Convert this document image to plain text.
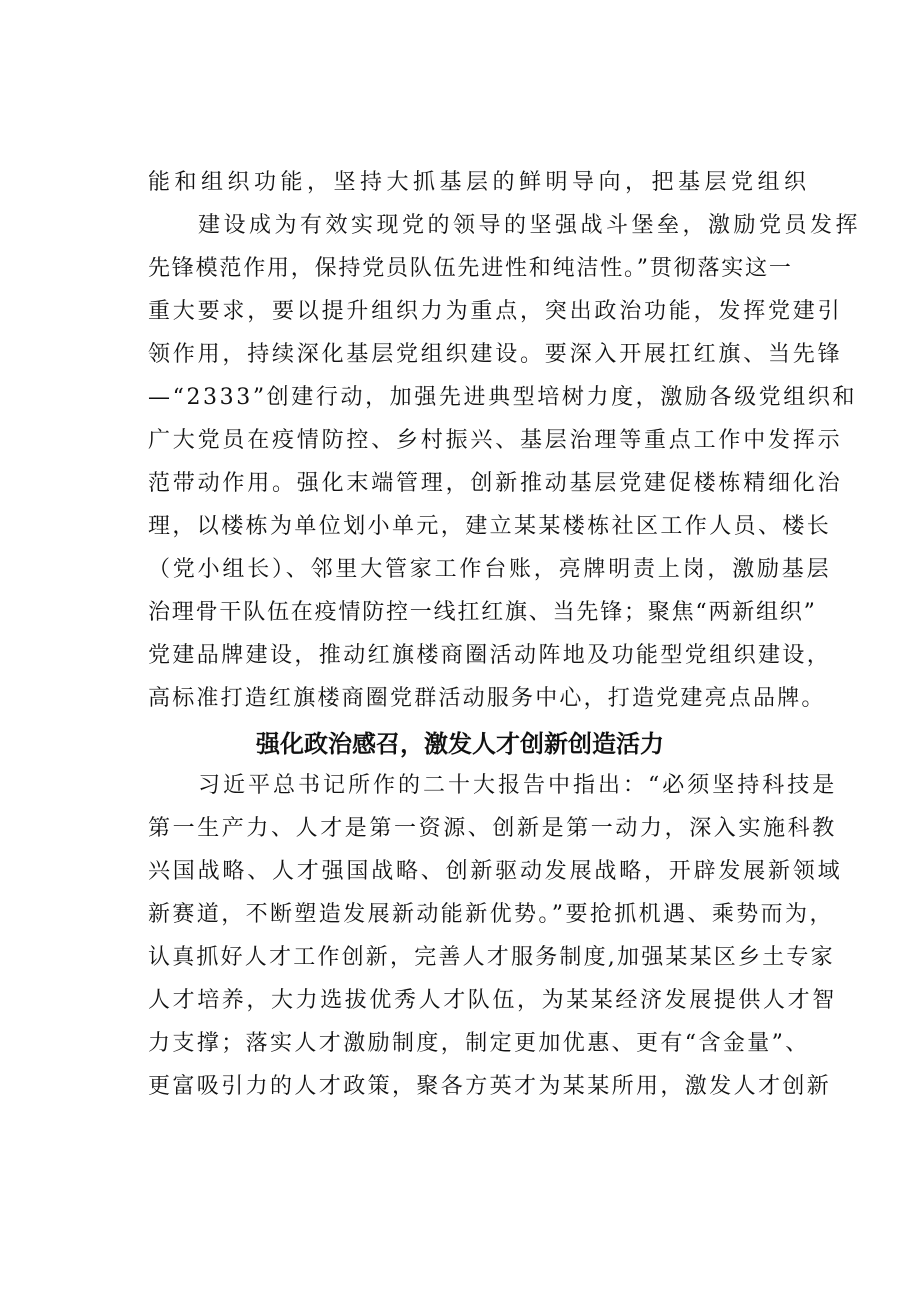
能和组织功能，坚持大抓基层的鲜明导向，把基层党组织
建设成为有效实现党的领导的坚强战斗堡垒，激励党员发挥
先锋模范作用，保持党员队伍先进性和纯洁性。”贯彻落实这一
重大要求，要以提升组织力为重点，突出政治功能，发挥党建引
领作用，持续深化基层党组织建设。要深入开展扛红旗、当先锋
—“2333”创建行动，加强先进典型培树力度，激励各级党组织和
广大党员在疫情防控、乡村振兴、基层治理等重点工作中发挥示
范带动作用。强化末端管理，创新推动基层党建促楼栋精细化治
理，以楼栋为单位划小单元，建立某某楼栋社区工作人员、楼长
（党小组长）、邻里大管家工作台账，亮牌明责上岗，激励基层
治理骨干队伍在疫情防控一线扛红旗、当先锋；聚焦“两新组织”
党建品牌建设，推动红旗楼商圈活动阵地及功能型党组织建设，
高标准打造红旗楼商圈党群活动服务中心，打造党建亮点品牌。
强化政治感召，激发人才创新创造活力
习近平总书记所作的二十大报告中指出：“必须坚持科技是
第一生产力、人才是第一资源、创新是第一动力，深入实施科教
兴国战略、人才强国战略、创新驱动发展战略，开辟发展新领域
新赛道，不断塑造发展新动能新优势。”要抢抓机遇、乘势而为，
认真抓好人才工作创新，完善人才服务制度,加强某某区乡土专家
人才培养，大力选拔优秀人才队伍，为某某经济发展提供人才智
力支撑；落实人才激励制度，制定更加优惠、更有“含金量”、
更富吸引力的人才政策，聚各方英才为某某所用，激发人才创新
